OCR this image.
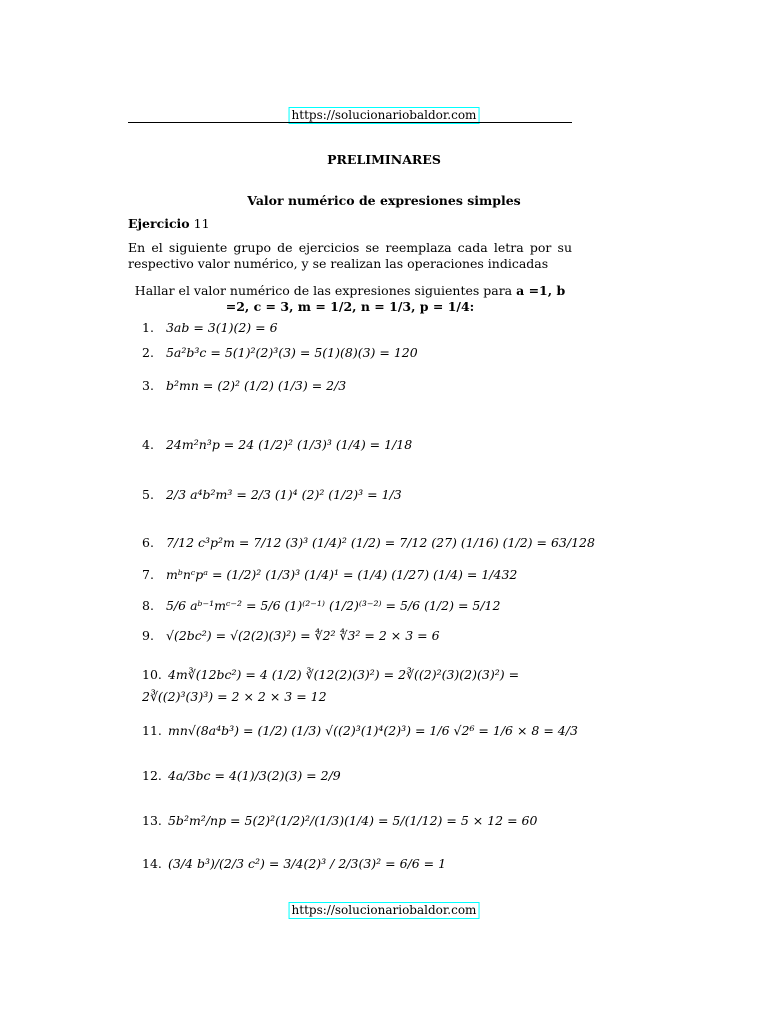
https://solucionariobaldor.com
PRELIMINARES
Valor numérico de expresiones simples
Ejercicio 11
En el siguiente grupo de ejercicios se reemplaza cada letra por su respectivo valor numérico, y se realizan las operaciones indicadas
Hallar el valor numérico de las expresiones siguientes para a =1, b =2, c = 3, m = 1/2, n = 1/3, p = 1/4:
1. 3ab = 3(1)(2) = 6
2. 5a²b³c = 5(1)²(2)³(3) = 5(1)(8)(3) = 120
3. b²mn = (2)² (1/2) (1/3) = 2/3
4. 24m²n³p = 24 (1/2)² (1/3)³ (1/4) = 1/18
5. 2/3 a⁴b²m³ = 2/3 (1)⁴ (2)² (1/2)³ = 1/3
6. 7/12 c³p²m = 7/12 (3)³ (1/4)² (1/2) = 7/12 (27) (1/16) (1/2) = 63/128
7. mᵇnᶜpᵃ = (1/2)² (1/3)³ (1/4)¹ = (1/4) (1/27) (1/4) = 1/432
8. 5/6 aᵇ⁻¹mᶜ⁻² = 5/6 (1)⁽²⁻¹⁾ (1/2)⁽³⁻²⁾ = 5/6 (1/2) = 5/12
9. √(2bc²) = √(2(2)(3)²) = ∜2² ∜3² = 2 × 3 = 6
10. 4m∛(12bc²) = 4 (1/2) ∛(12(2)(3)²) = 2∛((2)²(3)(2)(3)²) = 2∛((2)³(3)³) = 2 × 2 × 3 = 12
11. mn√(8a⁴b³) = (1/2) (1/3) √((2)³(1)⁴(2)³) = 1/6 √2⁶ = 1/6 × 8 = 4/3
12. 4a/3bc = 4(1)/3(2)(3) = 2/9
13. 5b²m²/np = 5(2)²(1/2)²/(1/3)(1/4) = 5/(1/12) = 5 × 12 = 60
14. (3/4 b³)/(2/3 c²) = 3/4(2)³ / 2/3(3)² = 6/6 = 1
https://solucionariobaldor.com
